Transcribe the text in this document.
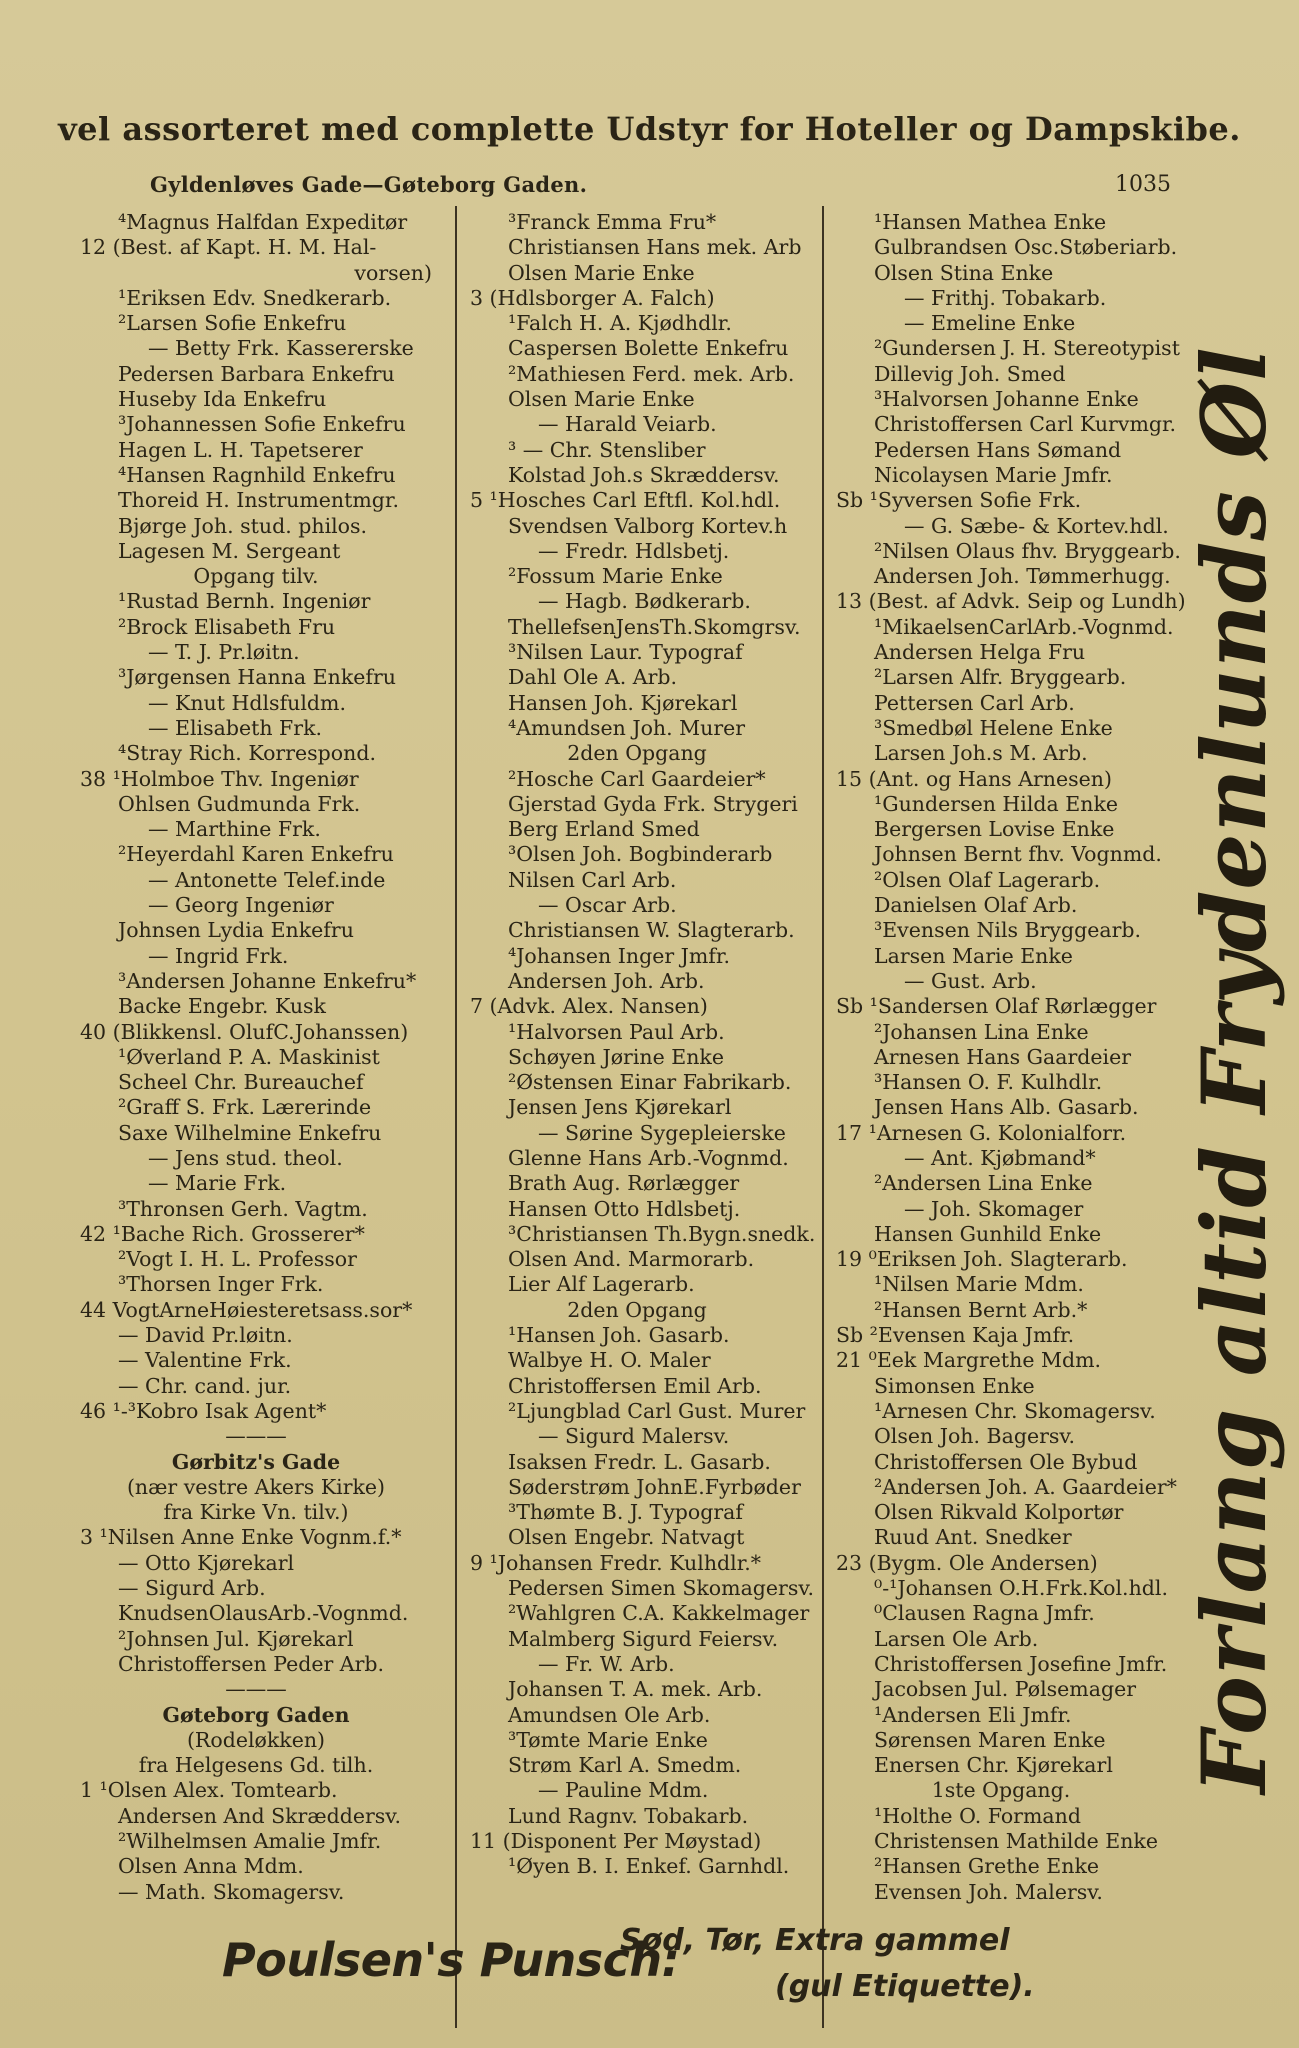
vel assorteret med complette Udstyr for Hoteller og Dampskibe.
Gyldenløves Gade—Gøteborg Gaden.	1035
⁴Magnus Halfdan Expeditør
12 (Best. af Kapt. H. M. Hal-
vorsen)
¹Eriksen Edv. Snedkerarb.
²Larsen Sofie Enkefru
— Betty Frk. Kassererske
Pedersen Barbara Enkefru
Huseby Ida Enkefru
³Johannessen Sofie Enkefru
Hagen L. H. Tapetserer
⁴Hansen Ragnhild Enkefru
Thoreid H. Instrumentmgr.
Bjørge Joh. stud. philos.
Lagesen M. Sergeant
Opgang tilv.
¹Rustad Bernh. Ingeniør
²Brock Elisabeth Fru
— T. J. Pr.løitn.
³Jørgensen Hanna Enkefru
— Knut Hdlsfuldm.
— Elisabeth Frk.
⁴Stray Rich. Korrespond.
38 ¹Holmboe Thv. Ingeniør
Ohlsen Gudmunda Frk.
— Marthine Frk.
²Heyerdahl Karen Enkefru
— Antonette Telef.inde
— Georg Ingeniør
Johnsen Lydia Enkefru
— Ingrid Frk.
³Andersen Johanne Enkefru*
Backe Engebr. Kusk
40 (Blikkensl. OlufC.Johanssen)
¹Øverland P. A. Maskinist
Scheel Chr. Bureauchef
²Graff S. Frk. Lærerinde
Saxe Wilhelmine Enkefru
— Jens stud. theol.
— Marie Frk.
³Thronsen Gerh. Vagtm.
42 ¹Bache Rich. Grosserer*
²Vogt I. H. L. Professor
³Thorsen Inger Frk.
44 VogtArneHøiesteretsass.sor*
— David Pr.løitn.
— Valentine Frk.
— Chr. cand. jur.
46 ¹-³Kobro Isak Agent*
———
Gørbitz's Gade
(nær vestre Akers Kirke)
fra Kirke Vn. tilv.)
3 ¹Nilsen Anne Enke Vognm.f.*
— Otto Kjørekarl
— Sigurd Arb.
KnudsenOlausArb.-Vognmd.
²Johnsen Jul. Kjørekarl
Christoffersen Peder Arb.
———
Gøteborg Gaden
(Rodeløkken)
fra Helgesens Gd. tilh.
1 ¹Olsen Alex. Tomtearb.
Andersen And Skræddersv.
²Wilhelmsen Amalie Jmfr.
Olsen Anna Mdm.
— Math. Skomagersv.
³Franck Emma Fru*
Christiansen Hans mek. Arb
Olsen Marie Enke
3 (Hdlsborger A. Falch)
¹Falch H. A. Kjødhdlr.
Caspersen Bolette Enkefru
²Mathiesen Ferd. mek. Arb.
Olsen Marie Enke
— Harald Veiarb.
³ — Chr. Stensliber
Kolstad Joh.s Skræddersv.
5 ¹Hosches Carl Eftfl. Kol.hdl.
Svendsen Valborg Kortev.h
— Fredr. Hdlsbetj.
²Fossum Marie Enke
— Hagb. Bødkerarb.
ThellefsenJensTh.Skomgrsv.
³Nilsen Laur. Typograf
Dahl Ole A. Arb.
Hansen Joh. Kjørekarl
⁴Amundsen Joh. Murer
2den Opgang
²Hosche Carl Gaardeier*
Gjerstad Gyda Frk. Strygeri
Berg Erland Smed
³Olsen Joh. Bogbinderarb
Nilsen Carl Arb.
— Oscar Arb.
Christiansen W. Slagterarb.
⁴Johansen Inger Jmfr.
Andersen Joh. Arb.
7 (Advk. Alex. Nansen)
¹Halvorsen Paul Arb.
Schøyen Jørine Enke
²Østensen Einar Fabrikarb.
Jensen Jens Kjørekarl
— Sørine Sygepleierske
Glenne Hans Arb.-Vognmd.
Brath Aug. Rørlægger
Hansen Otto Hdlsbetj.
³Christiansen Th.Bygn.snedk.
Olsen And. Marmorarb.
Lier Alf Lagerarb.
2den Opgang
¹Hansen Joh. Gasarb.
Walbye H. O. Maler
Christoffersen Emil Arb.
²Ljungblad Carl Gust. Murer
— Sigurd Malersv.
Isaksen Fredr. L. Gasarb.
Søderstrøm JohnE.Fyrbøder
³Thømte B. J. Typograf
Olsen Engebr. Natvagt
9 ¹Johansen Fredr. Kulhdlr.*
Pedersen Simen Skomagersv.
²Wahlgren C.A. Kakkelmager
Malmberg Sigurd Feiersv.
— Fr. W. Arb.
Johansen T. A. mek. Arb.
Amundsen Ole Arb.
³Tømte Marie Enke
Strøm Karl A. Smedm.
— Pauline Mdm.
Lund Ragnv. Tobakarb.
11 (Disponent Per Møystad)
¹Øyen B. I. Enkef. Garnhdl.
¹Hansen Mathea Enke
Gulbrandsen Osc.Støberiarb.
Olsen Stina Enke
— Frithj. Tobakarb.
— Emeline Enke
²Gundersen J. H. Stereotypist
Dillevig Joh. Smed
³Halvorsen Johanne Enke
Christoffersen Carl Kurvmgr.
Pedersen Hans Sømand
Nicolaysen Marie Jmfr.
Sb ¹Syversen Sofie Frk.
— G. Sæbe- & Kortev.hdl.
²Nilsen Olaus fhv. Bryggearb.
Andersen Joh. Tømmerhugg.
13 (Best. af Advk. Seip og Lundh)
¹MikaelsenCarlArb.-Vognmd.
Andersen Helga Fru
²Larsen Alfr. Bryggearb.
Pettersen Carl Arb.
³Smedbøl Helene Enke
Larsen Joh.s M. Arb.
15 (Ant. og Hans Arnesen)
¹Gundersen Hilda Enke
Bergersen Lovise Enke
Johnsen Bernt fhv. Vognmd.
²Olsen Olaf Lagerarb.
Danielsen Olaf Arb.
³Evensen Nils Bryggearb.
Larsen Marie Enke
— Gust. Arb.
Sb ¹Sandersen Olaf Rørlægger
²Johansen Lina Enke
Arnesen Hans Gaardeier
³Hansen O. F. Kulhdlr.
Jensen Hans Alb. Gasarb.
17 ¹Arnesen G. Kolonialforr.
— Ant. Kjøbmand*
²Andersen Lina Enke
— Joh. Skomager
Hansen Gunhild Enke
19 ⁰Eriksen Joh. Slagterarb.
¹Nilsen Marie Mdm.
²Hansen Bernt Arb.*
Sb ²Evensen Kaja Jmfr.
21 ⁰Eek Margrethe Mdm.
Simonsen Enke
¹Arnesen Chr. Skomagersv.
Olsen Joh. Bagersv.
Christoffersen Ole Bybud
²Andersen Joh. A. Gaardeier*
Olsen Rikvald Kolportør
Ruud Ant. Snedker
23 (Bygm. Ole Andersen)
⁰-¹Johansen O.H.Frk.Kol.hdl.
⁰Clausen Ragna Jmfr.
Larsen Ole Arb.
Christoffersen Josefine Jmfr.
Jacobsen Jul. Pølsemager
¹Andersen Eli Jmfr.
Sørensen Maren Enke
Enersen Chr. Kjørekarl
1ste Opgang.
¹Holthe O. Formand
Christensen Mathilde Enke
²Hansen Grethe Enke
Evensen Joh. Malersv.
Forlang altid Frydenlunds Øl
Poulsen's Punsch:
Sød, Tør, Extra gammel
(gul Etiquette).
